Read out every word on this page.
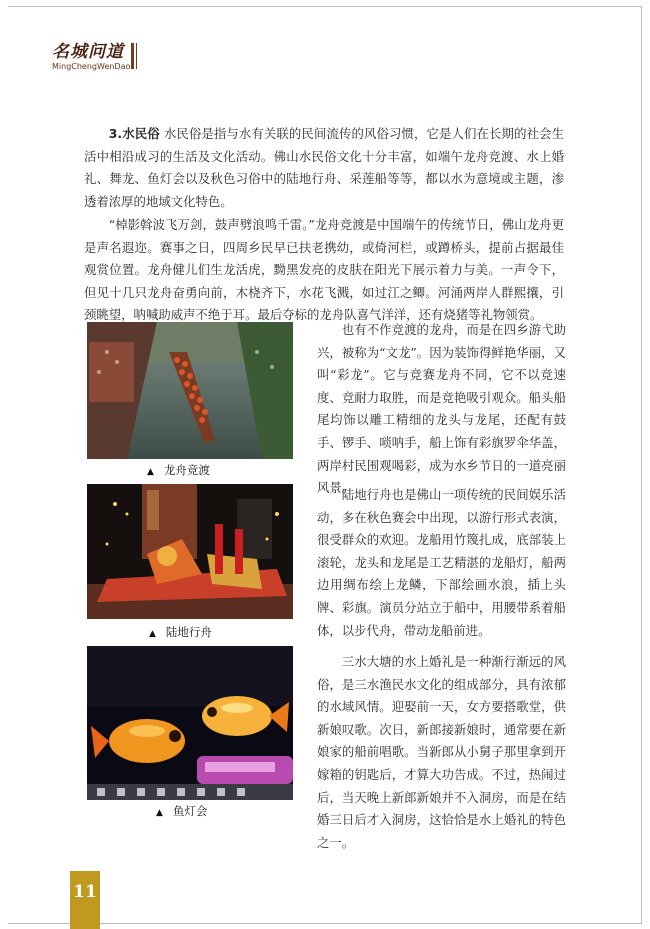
名城问道
MingChengWenDao

3.水民俗 水民俗是指与水有关联的民间流传的风俗习惯，它是人们在长期的社会生活中相沿成习的生活及文化活动。佛山水民俗文化十分丰富，如端午龙舟竞渡、水上婚礼、舞龙、鱼灯会以及秋色习俗中的陆地行舟、采莲船等等，都以水为意境或主题，渗透着浓厚的地域文化特色。

“棹影斡波飞万剑，鼓声劈浪鸣千雷。”龙舟竞渡是中国端午的传统节日，佛山龙舟更是声名遐迩。赛事之日，四周乡民早已扶老携幼，或倚河栏，或蹲桥头，提前占据最佳观赏位置。龙舟健儿们生龙活虎，黝黑发亮的皮肤在阳光下展示着力与美。一声令下，但见十几只龙舟奋勇向前，木桡齐下，水花飞溅，如过江之鲫。河涌两岸人群熙攘，引颈眺望，呐喊助威声不绝于耳。最后夺标的龙舟队喜气洋洋，还有烧猪等礼物领赏。

▲ 龙舟竞渡

也有不作竞渡的龙舟，而是在四乡游弋助兴，被称为“文龙”。因为装饰得鲜艳华丽，又叫“彩龙”。它与竞赛龙舟不同，它不以竞速度、竞耐力取胜，而是竞艳吸引观众。船头船尾均饰以雕工精细的龙头与龙尾，还配有鼓手、锣手、唢呐手，船上饰有彩旗罗伞华盖，两岸村民围观喝彩，成为水乡节日的一道亮丽风景。

▲ 陆地行舟

陆地行舟也是佛山一项传统的民间娱乐活动，多在秋色赛会中出现，以游行形式表演，很受群众的欢迎。龙船用竹篾扎成，底部装上滚轮，龙头和龙尾是工艺精湛的龙船灯，船两边用绸布绘上龙鳞，下部绘画水浪，插上头牌、彩旗。演员分站立于船中，用腰带系着船体，以步代舟，带动龙船前进。

▲ 鱼灯会

三水大塘的水上婚礼是一种渐行渐远的风俗，是三水渔民水文化的组成部分，具有浓郁的水域风情。迎娶前一天，女方要搭歌堂，供新娘叹歌。次日，新郎接新娘时，通常要在新娘家的船前唱歌。当新郎从小舅子那里拿到开嫁箱的钥匙后，才算大功告成。不过，热闹过后，当天晚上新郎新娘并不入洞房，而是在结婚三日后才入洞房，这恰恰是水上婚礼的特色之一。

11
